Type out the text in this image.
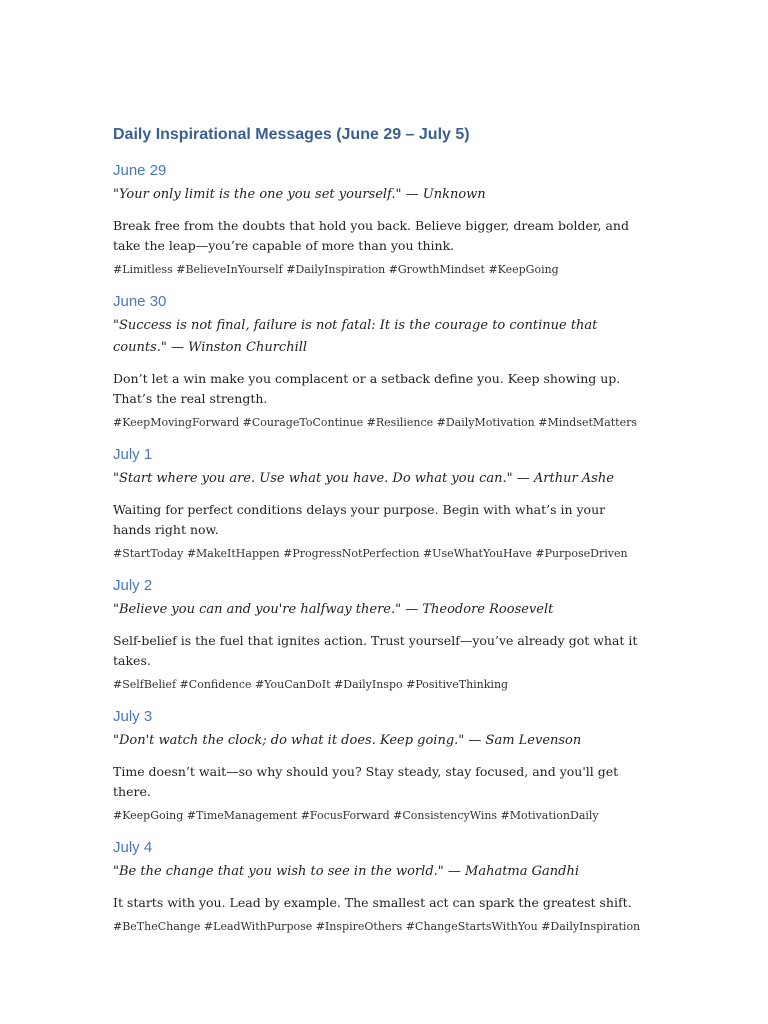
Daily Inspirational Messages (June 29 – July 5)
June 29
"Your only limit is the one you set yourself." — Unknown
Break free from the doubts that hold you back. Believe bigger, dream bolder, and take the leap—you’re capable of more than you think.
#Limitless #BelieveInYourself #DailyInspiration #GrowthMindset #KeepGoing
June 30
"Success is not final, failure is not fatal: It is the courage to continue that counts." — Winston Churchill
Don’t let a win make you complacent or a setback define you. Keep showing up. That’s the real strength.
#KeepMovingForward #CourageToContinue #Resilience #DailyMotivation #MindsetMatters
July 1
"Start where you are. Use what you have. Do what you can." — Arthur Ashe
Waiting for perfect conditions delays your purpose. Begin with what’s in your hands right now.
#StartToday #MakeItHappen #ProgressNotPerfection #UseWhatYouHave #PurposeDriven
July 2
"Believe you can and you're halfway there." — Theodore Roosevelt
Self-belief is the fuel that ignites action. Trust yourself—you’ve already got what it takes.
#SelfBelief #Confidence #YouCanDoIt #DailyInspo #PositiveThinking
July 3
"Don't watch the clock; do what it does. Keep going." — Sam Levenson
Time doesn’t wait—so why should you? Stay steady, stay focused, and you'll get there.
#KeepGoing #TimeManagement #FocusForward #ConsistencyWins #MotivationDaily
July 4
"Be the change that you wish to see in the world." — Mahatma Gandhi
It starts with you. Lead by example. The smallest act can spark the greatest shift.
#BeTheChange #LeadWithPurpose #InspireOthers #ChangeStartsWithYou #DailyInspiration
